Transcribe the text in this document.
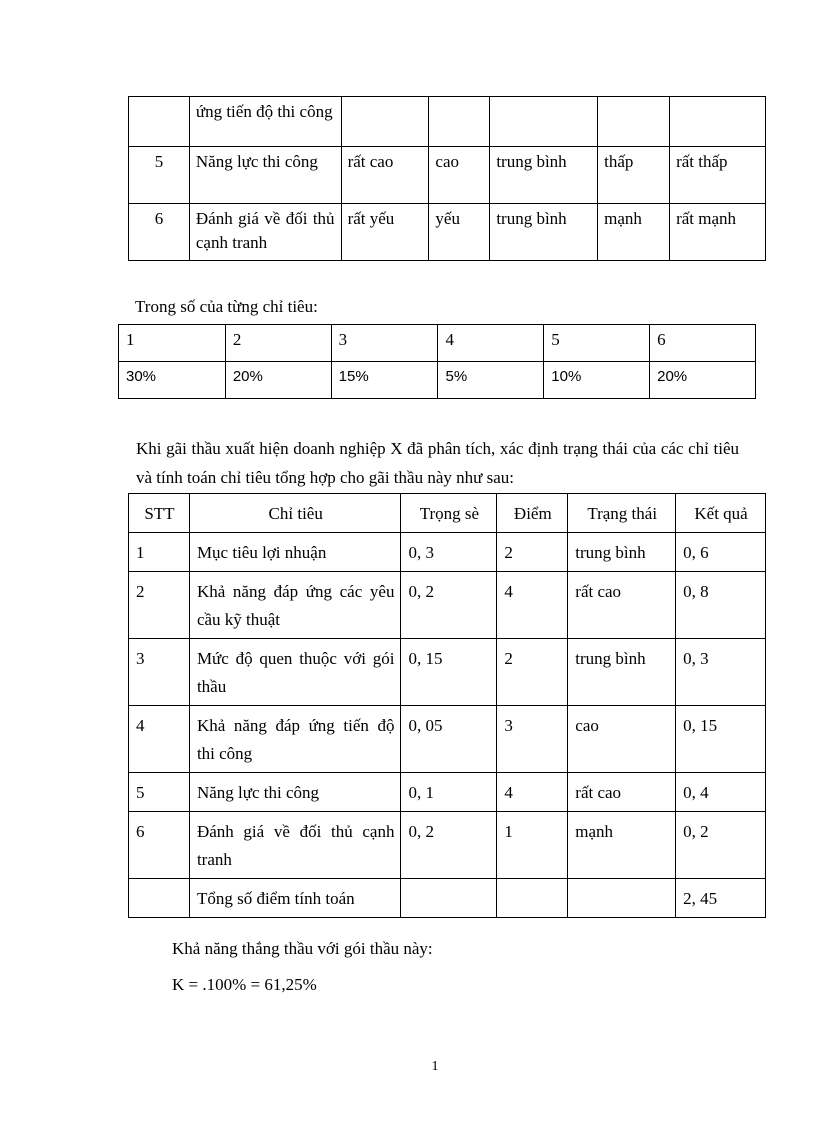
	ứng tiến độ thi công					
5	Năng lực thi công	rất cao	cao	trung bình	thấp	rất thấp
6	Đánh giá về đối thủ cạnh tranh	rất yếu	yếu	trung bình	mạnh	rất mạnh
Trong số của từng chỉ tiêu:
1	2	3	4	5	6
30%	20%	15%	5%	10%	20%
Khi gãi thầu xuất hiện doanh nghiệp X đã phân tích, xác định trạng thái của các chỉ tiêu và tính toán chỉ tiêu tổng hợp cho gãi thầu này như sau:
STT	Chỉ tiêu	Trọng sè	Điểm	Trạng thái	Kết quả
1	Mục tiêu lợi nhuận	0, 3	2	trung bình	0, 6
2	Khả năng đáp ứng các yêu cầu kỹ thuật	0, 2	4	rất cao	0, 8
3	Mức độ quen thuộc với gói thầu	0, 15	2	trung bình	0, 3
4	Khả năng đáp ứng tiến độ thi công	0, 05	3	cao	0, 15
5	Năng lực thi công	0, 1	4	rất cao	0, 4
6	Đánh giá về đối thủ cạnh tranh	0, 2	1	mạnh	0, 2
	Tổng số điểm tính toán				2, 45
Khả năng thắng thầu với gói thầu này:
K = .100% = 61,25%
1
